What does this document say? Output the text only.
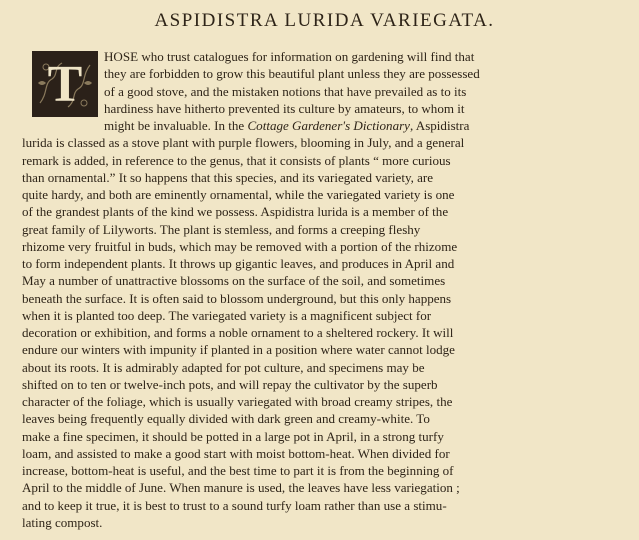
ASPIDISTRA LURIDA VARIEGATA.

T	HOSE who trust catalogues for information on gardening will find that
they are forbidden to grow this beautiful plant unless they are possessed
of a good stove, and the mistaken notions that have prevailed as to its
hardiness have hitherto prevented its culture by amateurs, to whom it
might be invaluable. In the Cottage Gardener's Dictionary, Aspidistra
lurida is classed as a stove plant with purple flowers, blooming in July, and a general
remark is added, in reference to the genus, that it consists of plants “ more curious
than ornamental.” It so happens that this species, and its variegated variety, are
quite hardy, and both are eminently ornamental, while the variegated variety is one
of the grandest plants of the kind we possess. Aspidistra lurida is a member of the
great family of Lilyworts. The plant is stemless, and forms a creeping fleshy
rhizome very fruitful in buds, which may be removed with a portion of the rhizome
to form independent plants. It throws up gigantic leaves, and produces in April and
May a number of unattractive blossoms on the surface of the soil, and sometimes
beneath the surface. It is often said to blossom underground, but this only happens
when it is planted too deep. The variegated variety is a magnificent subject for
decoration or exhibition, and forms a noble ornament to a sheltered rockery. It will
endure our winters with impunity if planted in a position where water cannot lodge
about its roots. It is admirably adapted for pot culture, and specimens may be
shifted on to ten or twelve-inch pots, and will repay the cultivator by the superb
character of the foliage, which is usually variegated with broad creamy stripes, the
leaves being frequently equally divided with dark green and creamy-white. To
make a fine specimen, it should be potted in a large pot in April, in a strong turfy
loam, and assisted to make a good start with moist bottom-heat. When divided for
increase, bottom-heat is useful, and the best time to part it is from the beginning of
April to the middle of June. When manure is used, the leaves have less variegation ;
and to keep it true, it is best to trust to a sound turfy loam rather than use a stimu-
lating compost.
